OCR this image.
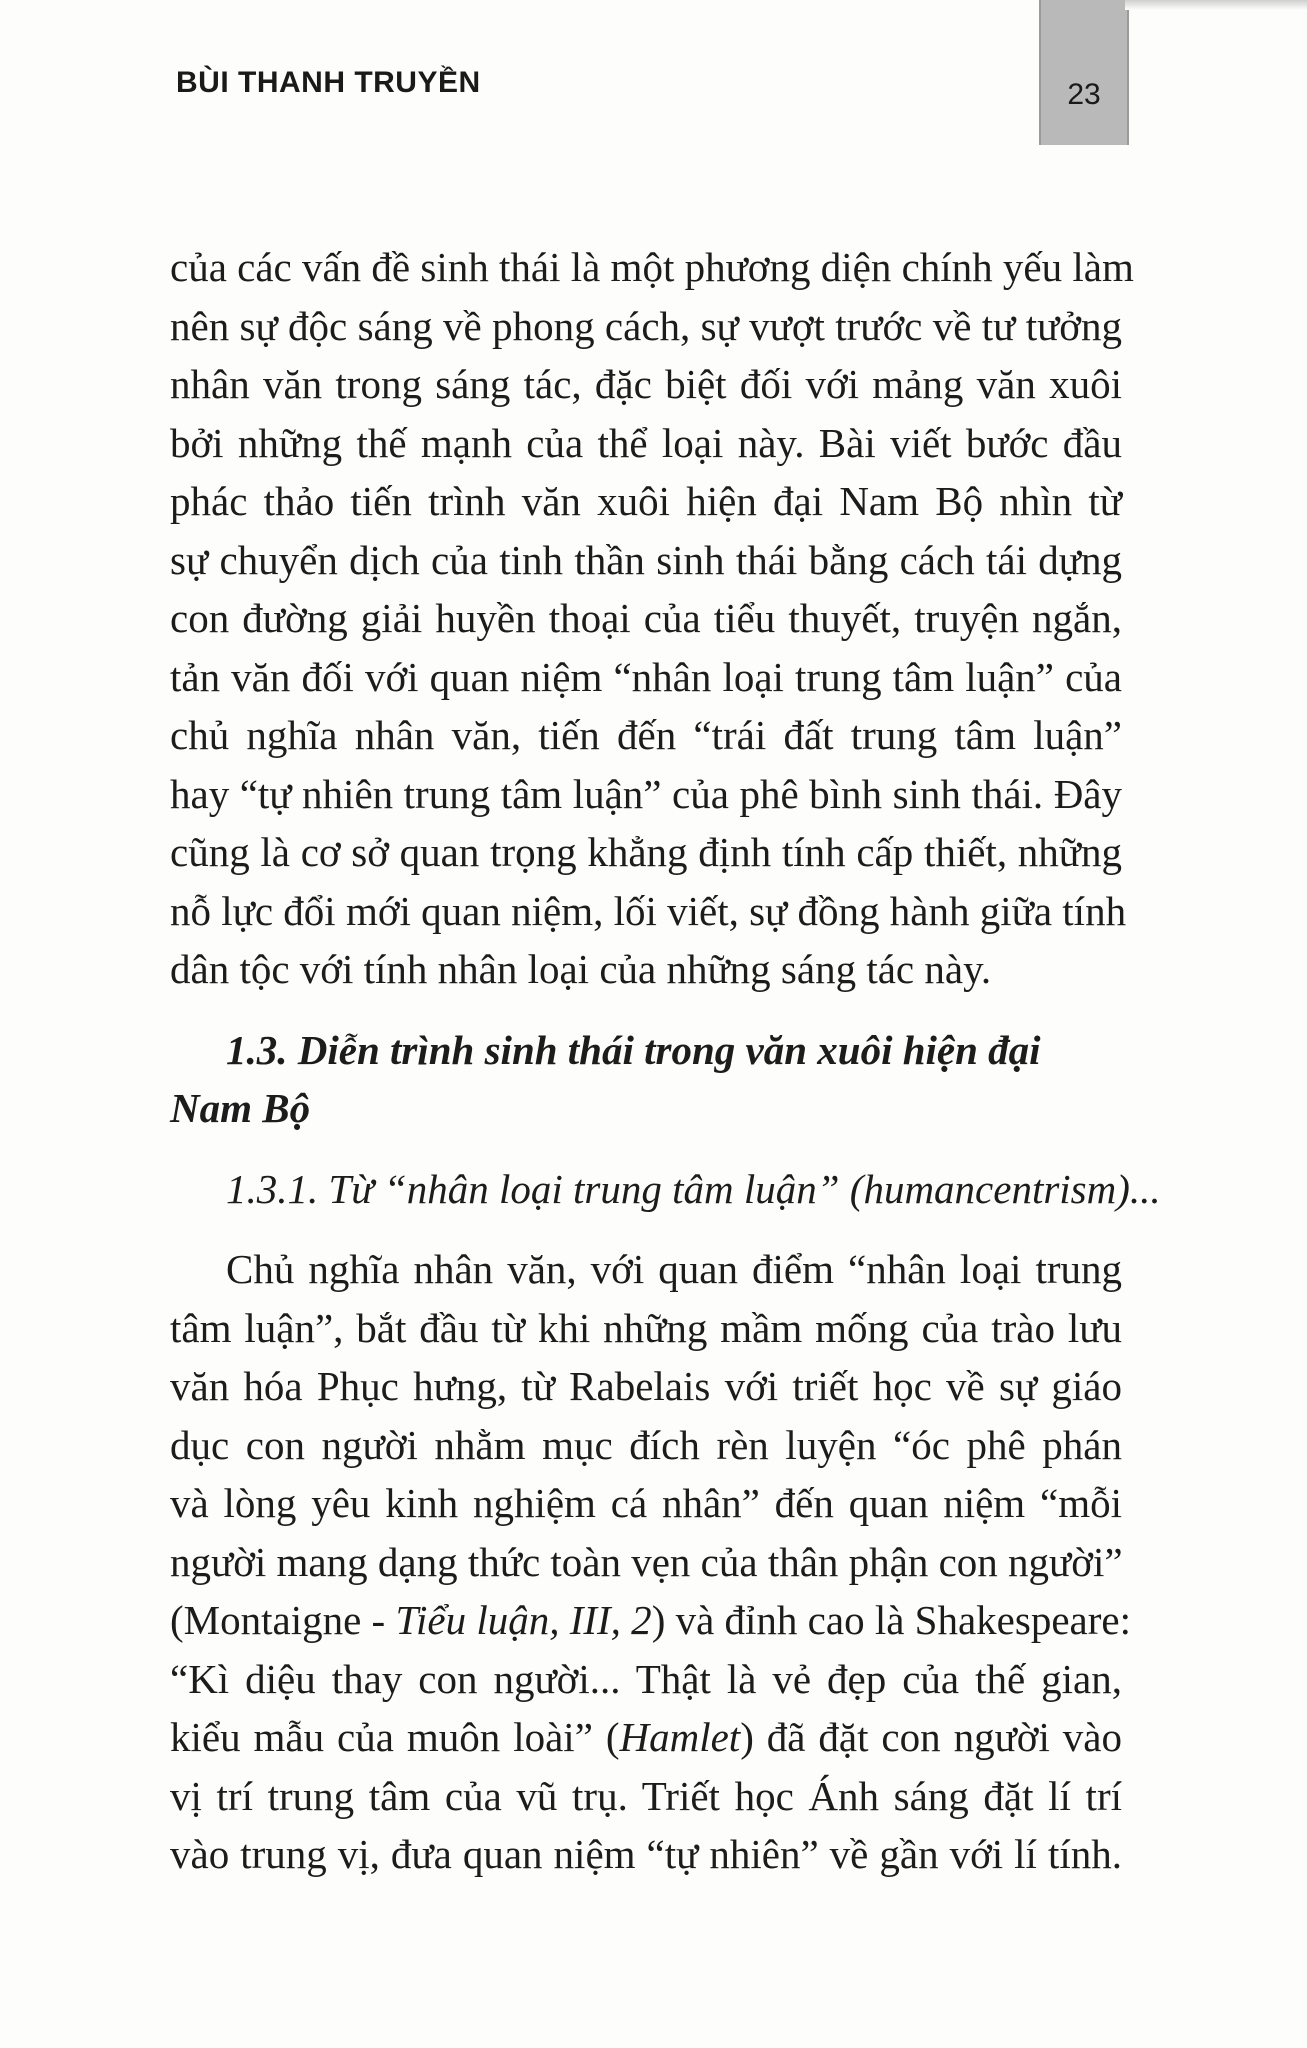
BÙI THANH TRUYỀN	23
của các vấn đề sinh thái là một phương diện chính yếu làm
nên sự độc sáng về phong cách, sự vượt trước về tư tưởng
nhân văn trong sáng tác, đặc biệt đối với mảng văn xuôi
bởi những thế mạnh của thể loại này. Bài viết bước đầu
phác thảo tiến trình văn xuôi hiện đại Nam Bộ nhìn từ
sự chuyển dịch của tinh thần sinh thái bằng cách tái dựng
con đường giải huyền thoại của tiểu thuyết, truyện ngắn,
tản văn đối với quan niệm “nhân loại trung tâm luận” của
chủ nghĩa nhân văn, tiến đến “trái đất trung tâm luận”
hay “tự nhiên trung tâm luận” của phê bình sinh thái. Đây
cũng là cơ sở quan trọng khẳng định tính cấp thiết, những
nỗ lực đổi mới quan niệm, lối viết, sự đồng hành giữa tính
dân tộc với tính nhân loại của những sáng tác này.
1.3. Diễn trình sinh thái trong văn xuôi hiện đại
Nam Bộ
1.3.1. Từ “nhân loại trung tâm luận” (humancentrism)...
Chủ nghĩa nhân văn, với quan điểm “nhân loại trung
tâm luận”, bắt đầu từ khi những mầm mống của trào lưu
văn hóa Phục hưng, từ Rabelais với triết học về sự giáo
dục con người nhằm mục đích rèn luyện “óc phê phán
và lòng yêu kinh nghiệm cá nhân” đến quan niệm “mỗi
người mang dạng thức toàn vẹn của thân phận con người”
(Montaigne - Tiểu luận, III, 2) và đỉnh cao là Shakespeare:
“Kì diệu thay con người... Thật là vẻ đẹp của thế gian,
kiểu mẫu của muôn loài” (Hamlet) đã đặt con người vào
vị trí trung tâm của vũ trụ. Triết học Ánh sáng đặt lí trí
vào trung vị, đưa quan niệm “tự nhiên” về gần với lí tính.
